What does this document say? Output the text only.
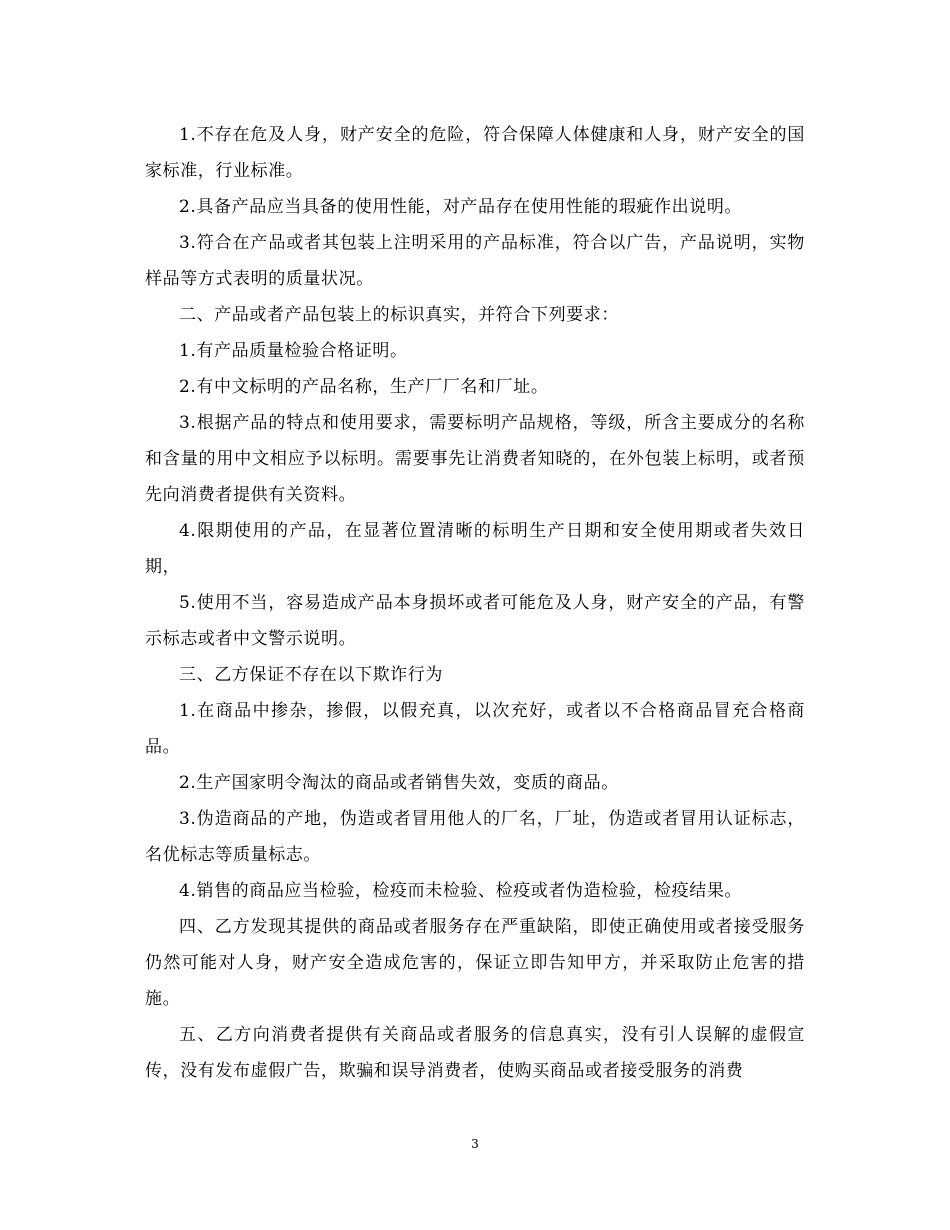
1.不存在危及人身，财产安全的危险，符合保障人体健康和人身，财产安全的国家标准，行业标准。

2.具备产品应当具备的使用性能，对产品存在使用性能的瑕疵作出说明。

3.符合在产品或者其包装上注明采用的产品标准，符合以广告，产品说明，实物样品等方式表明的质量状况。

二、产品或者产品包装上的标识真实，并符合下列要求：

1.有产品质量检验合格证明。

2.有中文标明的产品名称，生产厂厂名和厂址。

3.根据产品的特点和使用要求，需要标明产品规格，等级，所含主要成分的名称和含量的用中文相应予以标明。需要事先让消费者知晓的，在外包装上标明，或者预先向消费者提供有关资料。

4.限期使用的产品，在显著位置清晰的标明生产日期和安全使用期或者失效日期，

5.使用不当，容易造成产品本身损坏或者可能危及人身，财产安全的产品，有警示标志或者中文警示说明。

三、乙方保证不存在以下欺诈行为

1.在商品中掺杂，掺假，以假充真，以次充好，或者以不合格商品冒充合格商品。

2.生产国家明令淘汰的商品或者销售失效，变质的商品。

3.伪造商品的产地，伪造或者冒用他人的厂名，厂址，伪造或者冒用认证标志，名优标志等质量标志。

4.销售的商品应当检验，检疫而未检验、检疫或者伪造检验，检疫结果。

四、乙方发现其提供的商品或者服务存在严重缺陷，即使正确使用或者接受服务仍然可能对人身，财产安全造成危害的，保证立即告知甲方，并采取防止危害的措施。

五、乙方向消费者提供有关商品或者服务的信息真实，没有引人误解的虚假宣传，没有发布虚假广告，欺骗和误导消费者，使购买商品或者接受服务的消费

3
